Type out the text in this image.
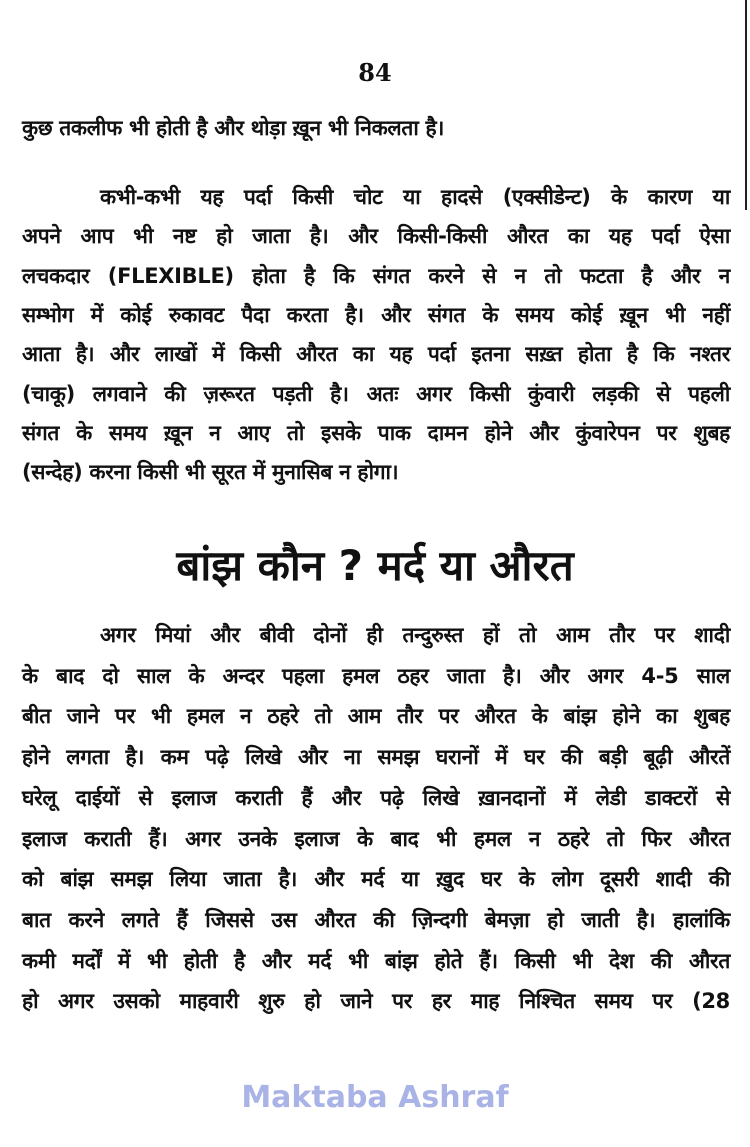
84
बांझ कौन ? मर्द या औरत
कुछ तकलीफ भी होती है और थोड़ा ख़ून भी निकलता है।
कभी-कभी यह पर्दा किसी चोट या हादसे (एक्सीडेन्ट) के कारण या
अपने आप भी नष्ट हो जाता है। और किसी-किसी औरत का यह पर्दा ऐसा
लचकदार (FLEXIBLE) होता है कि संगत करने से न तो फटता है और न
सम्भोग में कोई रुकावट पैदा करता है। और संगत के समय कोई ख़ून भी नहीं
आता है। और लाखों में किसी औरत का यह पर्दा इतना सख़्त होता है कि नश्तर
(चाकू) लगवाने की ज़रूरत पड़ती है। अतः अगर किसी कुंवारी लड़की से पहली
संगत के समय ख़ून न आए तो इसके पाक दामन होने और कुंवारेपन पर शुबह
(सन्देह) करना किसी भी सूरत में मुनासिब न होगा।
अगर मियां और बीवी दोनों ही तन्दुरुस्त हों तो आम तौर पर शादी
के बाद दो साल के अन्दर पहला हमल ठहर जाता है। और अगर 4-5 साल
बीत जाने पर भी हमल न ठहरे तो आम तौर पर औरत के बांझ होने का शुबह
होने लगता है। कम पढ़े लिखे और ना समझ घरानों में घर की बड़ी बूढ़ी औरतें
घरेलू दाईयों से इलाज कराती हैं और पढ़े लिखे ख़ानदानों में लेडी डाक्टरों से
इलाज कराती हैं। अगर उनके इलाज के बाद भी हमल न ठहरे तो फिर औरत
को बांझ समझ लिया जाता है। और मर्द या ख़ुद घर के लोग दूसरी शादी की
बात करने लगते हैं जिससे उस औरत की ज़िन्दगी बेमज़ा हो जाती है। हालांकि
कमी मर्दों में भी होती है और मर्द भी बांझ होते हैं। किसी भी देश की औरत
हो अगर उसको माहवारी शुरु हो जाने पर हर माह निश्चित समय पर (28
Maktaba Ashraf
